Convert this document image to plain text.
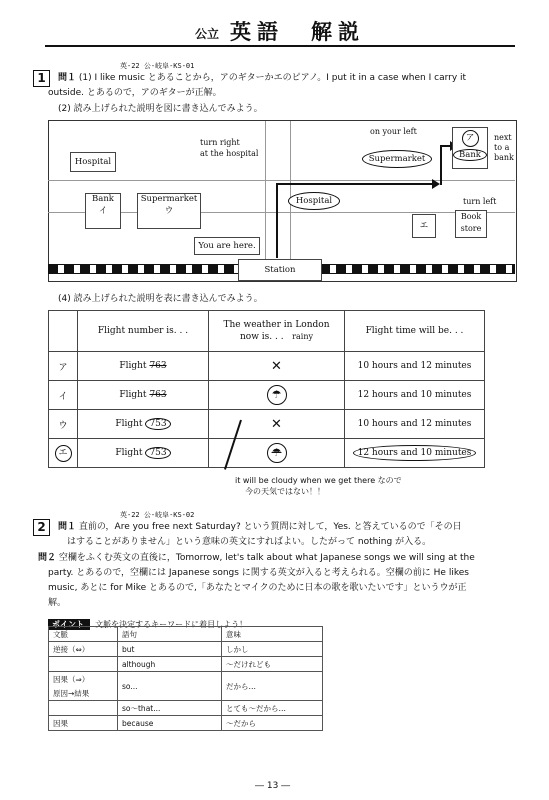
公立 英語　解説
英-22 公-岐阜-KS-01
1	問１ (1) I like music とあることから，アのギターかエのピアノ。I put it in a case when I carry it
outside. とあるので，アのギターが正解。
(2) 読み上げられた説明を図に書き込んでみよう。
Hospital
Bank
イ
Supermarket
ウ
turn right
at the hospital
Hospital
on your left
Supermarket
ア
Bank
next
to a
bank
turn left
エ
Book
store
You are here.
Station
(4) 読み上げられた説明を表に書き込んでみよう。
	Flight number is. . .	The weather in London
now is. . . rainy	Flight time will be. . .
ア	Flight 763	✕	10 hours and 12 minutes
イ	Flight 763	☂	12 hours and 10 minutes
ウ	Flight 753	✕	10 hours and 12 minutes
エ	Flight 753	☂	12 hours and 10 minutes
it will be cloudy when we get there なので
今の天気ではない！！
英-22 公-岐阜-KS-02
2	問１ 直前の，Are you free next Saturday? という質問に対して，Yes. と答えているので「その日
はすることがありません」という意味の英文にすればよい。したがって nothing が入る。
問２ 空欄をふくむ英文の直後に，Tomorrow, let's talk about what Japanese songs we will sing at the
party. とあるので，空欄には Japanese songs に関する英文が入ると考えられる。空欄の前に He likes
music, あとに for Mike とあるので,「あなたとマイクのために日本の歌を歌いたいです」というウが正
解。
ポイント 文脈を決定するキーワードに着目しよう！
文脈	語句	意味
逆接（⇔）	but	しかし
	although	〜だけれども
因果（⇒）	so...	だから…
原因→結果		
	so〜that...	とても〜だから…
因果	because	〜だから
― 13 ―
